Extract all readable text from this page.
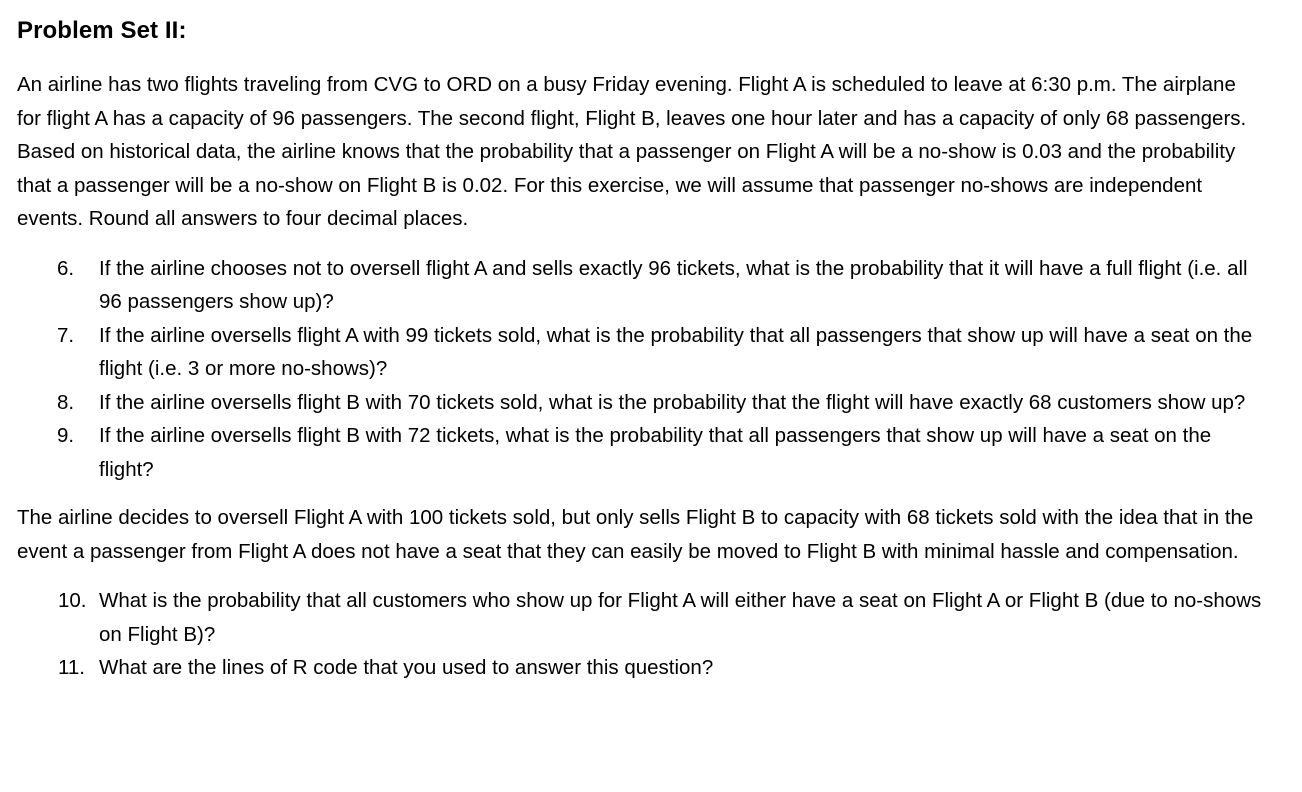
Problem Set II:

An airline has two flights traveling from CVG to ORD on a busy Friday evening. Flight A is scheduled to leave at 6:30 p.m. The airplane for flight A has a capacity of 96 passengers. The second flight, Flight B, leaves one hour later and has a capacity of only 68 passengers. Based on historical data, the airline knows that the probability that a passenger on Flight A will be a no-show is 0.03 and the probability that a passenger will be a no-show on Flight B is 0.02. For this exercise, we will assume that passenger no-shows are independent events. Round all answers to four decimal places.

6. If the airline chooses not to oversell flight A and sells exactly 96 tickets, what is the probability that it will have a full flight (i.e. all 96 passengers show up)?
7. If the airline oversells flight A with 99 tickets sold, what is the probability that all passengers that show up will have a seat on the flight (i.e. 3 or more no-shows)?
8. If the airline oversells flight B with 70 tickets sold, what is the probability that the flight will have exactly 68 customers show up?
9. If the airline oversells flight B with 72 tickets, what is the probability that all passengers that show up will have a seat on the flight?

The airline decides to oversell Flight A with 100 tickets sold, but only sells Flight B to capacity with 68 tickets sold with the idea that in the event a passenger from Flight A does not have a seat that they can easily be moved to Flight B with minimal hassle and compensation.

10. What is the probability that all customers who show up for Flight A will either have a seat on Flight A or Flight B (due to no-shows on Flight B)?
11. What are the lines of R code that you used to answer this question?
